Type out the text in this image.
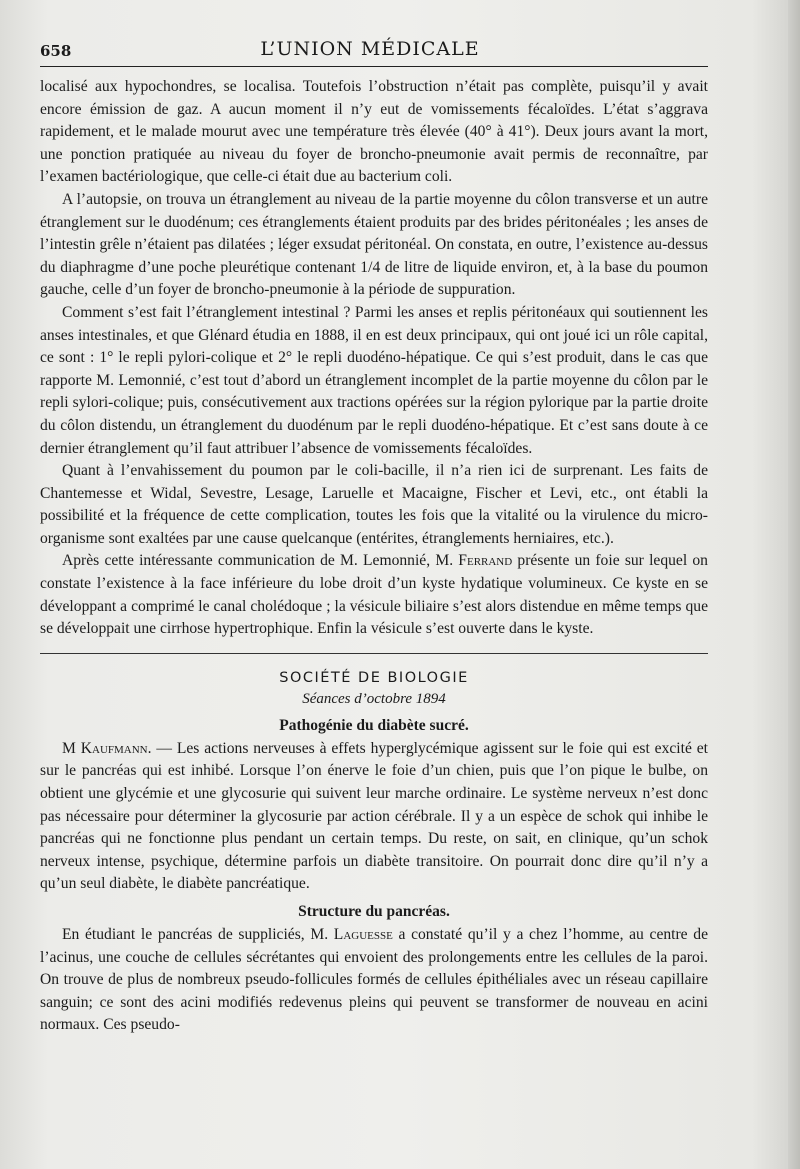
658	L’UNION MÉDICALE

localisé aux hypochondres, se localisa. Toutefois l’obstruction n’était pas complète, puisqu’il y avait encore émission de gaz. A aucun moment il n’y eut de vomissements fécaloïdes. L’état s’aggrava rapidement, et le malade mourut avec une température très élevée (40° à 41°). Deux jours avant la mort, une ponction pratiquée au niveau du foyer de broncho-pneumonie avait permis de reconnaître, par l’examen bactériologique, que celle-ci était due au bacterium coli.

A l’autopsie, on trouva un étranglement au niveau de la partie moyenne du côlon transverse et un autre étranglement sur le duodénum; ces étranglements étaient produits par des brides péritonéales ; les anses de l’intestin grêle n’étaient pas dilatées ; léger exsudat péritonéal. On constata, en outre, l’existence au-dessus du diaphragme d’une poche pleurétique contenant 1/4 de litre de liquide environ, et, à la base du poumon gauche, celle d’un foyer de broncho-pneumonie à la période de suppuration.

Comment s’est fait l’étranglement intestinal ? Parmi les anses et replis péritonéaux qui soutiennent les anses intestinales, et que Glénard étudia en 1888, il en est deux principaux, qui ont joué ici un rôle capital, ce sont : 1° le repli pylori-colique et 2° le repli duodéno-hépatique. Ce qui s’est produit, dans le cas que rapporte M. Lemonnié, c’est tout d’abord un étranglement incomplet de la partie moyenne du côlon par le repli sylori-colique; puis, consécutivement aux tractions opérées sur la région pylorique par la partie droite du côlon distendu, un étranglement du duodénum par le repli duodéno-hépatique. Et c’est sans doute à ce dernier étranglement qu’il faut attribuer l’absence de vomissements fécaloïdes.

Quant à l’envahissement du poumon par le coli-bacille, il n’a rien ici de surprenant. Les faits de Chantemesse et Widal, Sevestre, Lesage, Laruelle et Macaigne, Fischer et Levi, etc., ont établi la possibilité et la fréquence de cette complication, toutes les fois que la vitalité ou la virulence du micro-organisme sont exaltées par une cause quelcanque (entérites, étranglements herniaires, etc.).

Après cette intéressante communication de M. Lemonnié, M. Ferrand présente un foie sur lequel on constate l’existence à la face inférieure du lobe droit d’un kyste hydatique volumineux. Ce kyste en se développant a comprimé le canal cholédoque ; la vésicule biliaire s’est alors distendue en même temps que se développait une cirrhose hypertrophique. Enfin la vésicule s’est ouverte dans le kyste.

SOCIÉTÉ DE BIOLOGIE
Séances d’octobre 1894
Pathogénie du diabète sucré.

M Kaufmann. — Les actions nerveuses à effets hyperglycémique agissent sur le foie qui est excité et sur le pancréas qui est inhibé. Lorsque l’on énerve le foie d’un chien, puis que l’on pique le bulbe, on obtient une glycémie et une glycosurie qui suivent leur marche ordinaire. Le système nerveux n’est donc pas nécessaire pour déterminer la glycosurie par action cérébrale. Il y a un espèce de schok qui inhibe le pancréas qui ne fonctionne plus pendant un certain temps. Du reste, on sait, en clinique, qu’un schok nerveux intense, psychique, détermine parfois un diabète transitoire. On pourrait donc dire qu’il n’y a qu’un seul diabète, le diabète pancréatique.

Structure du pancréas.

En étudiant le pancréas de suppliciés, M. Laguesse a constaté qu’il y a chez l’homme, au centre de l’acinus, une couche de cellules sécrétantes qui envoient des prolongements entre les cellules de la paroi. On trouve de plus de nombreux pseudo-follicules formés de cellules épithéliales avec un réseau capillaire sanguin; ce sont des acini modifiés redevenus pleins qui peuvent se transformer de nouveau en acini normaux. Ces pseudo-
